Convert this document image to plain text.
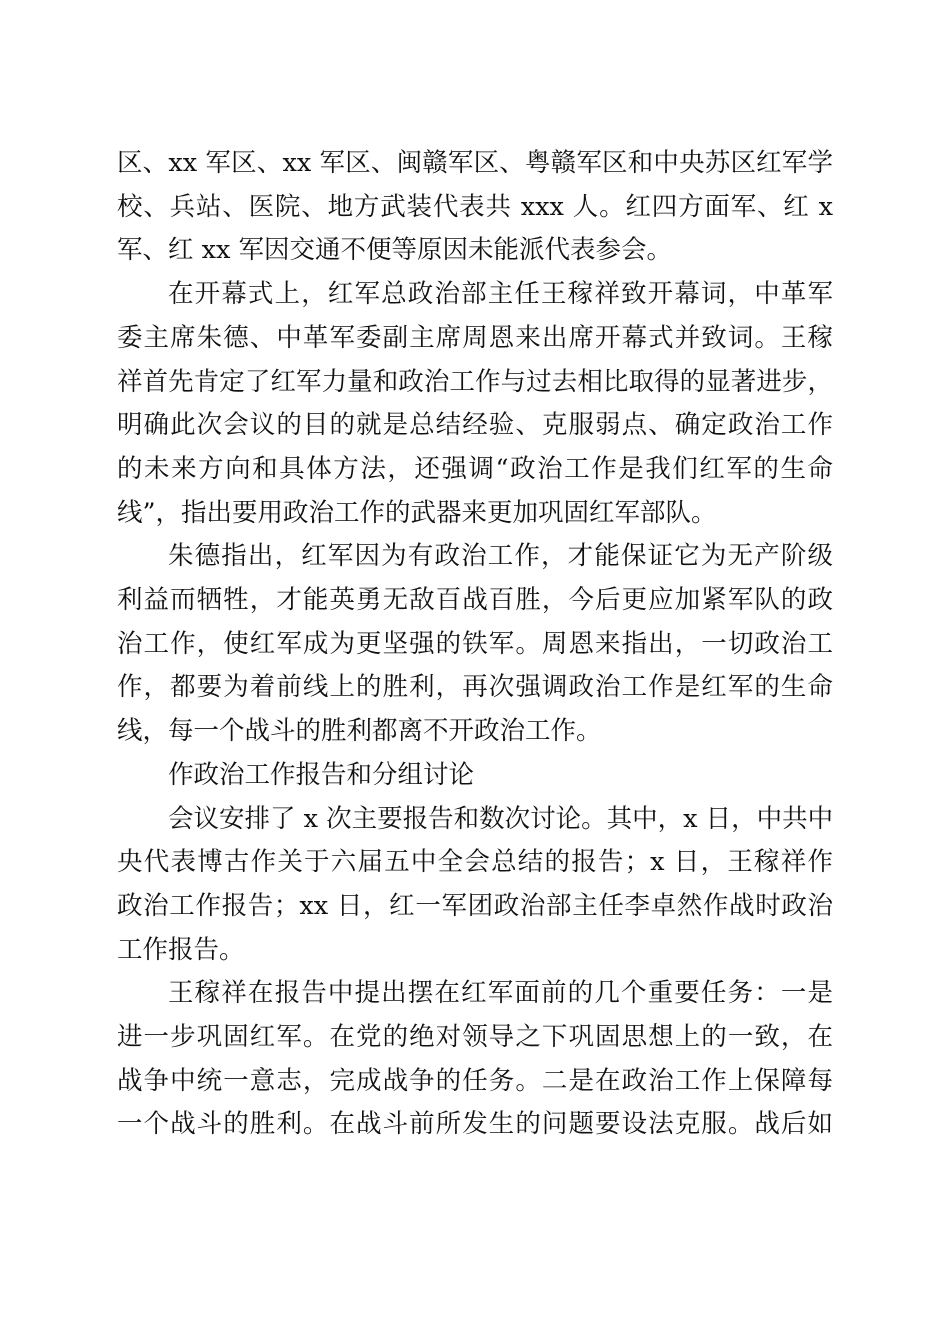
区、xx 军区、xx 军区、闽赣军区、粤赣军区和中央苏区红军学
校、兵站、医院、地方武装代表共 xxx 人。红四方面军、红 x
军、红 xx 军因交通不便等原因未能派代表参会。
在开幕式上，红军总政治部主任王稼祥致开幕词，中革军
委主席朱德、中革军委副主席周恩来出席开幕式并致词。王稼
祥首先肯定了红军力量和政治工作与过去相比取得的显著进步，
明确此次会议的目的就是总结经验、克服弱点、确定政治工作
的未来方向和具体方法，还强调“政治工作是我们红军的生命
线”，指出要用政治工作的武器来更加巩固红军部队。
朱德指出，红军因为有政治工作，才能保证它为无产阶级
利益而牺牲，才能英勇无敌百战百胜，今后更应加紧军队的政
治工作，使红军成为更坚强的铁军。周恩来指出，一切政治工
作，都要为着前线上的胜利，再次强调政治工作是红军的生命
线，每一个战斗的胜利都离不开政治工作。
作政治工作报告和分组讨论
会议安排了 x 次主要报告和数次讨论。其中，x 日，中共中
央代表博古作关于六届五中全会总结的报告；x 日，王稼祥作
政治工作报告；xx 日，红一军团政治部主任李卓然作战时政治
工作报告。
王稼祥在报告中提出摆在红军面前的几个重要任务：一是
进一步巩固红军。在党的绝对领导之下巩固思想上的一致，在
战争中统一意志，完成战争的任务。二是在政治工作上保障每
一个战斗的胜利。在战斗前所发生的问题要设法克服。战后如
